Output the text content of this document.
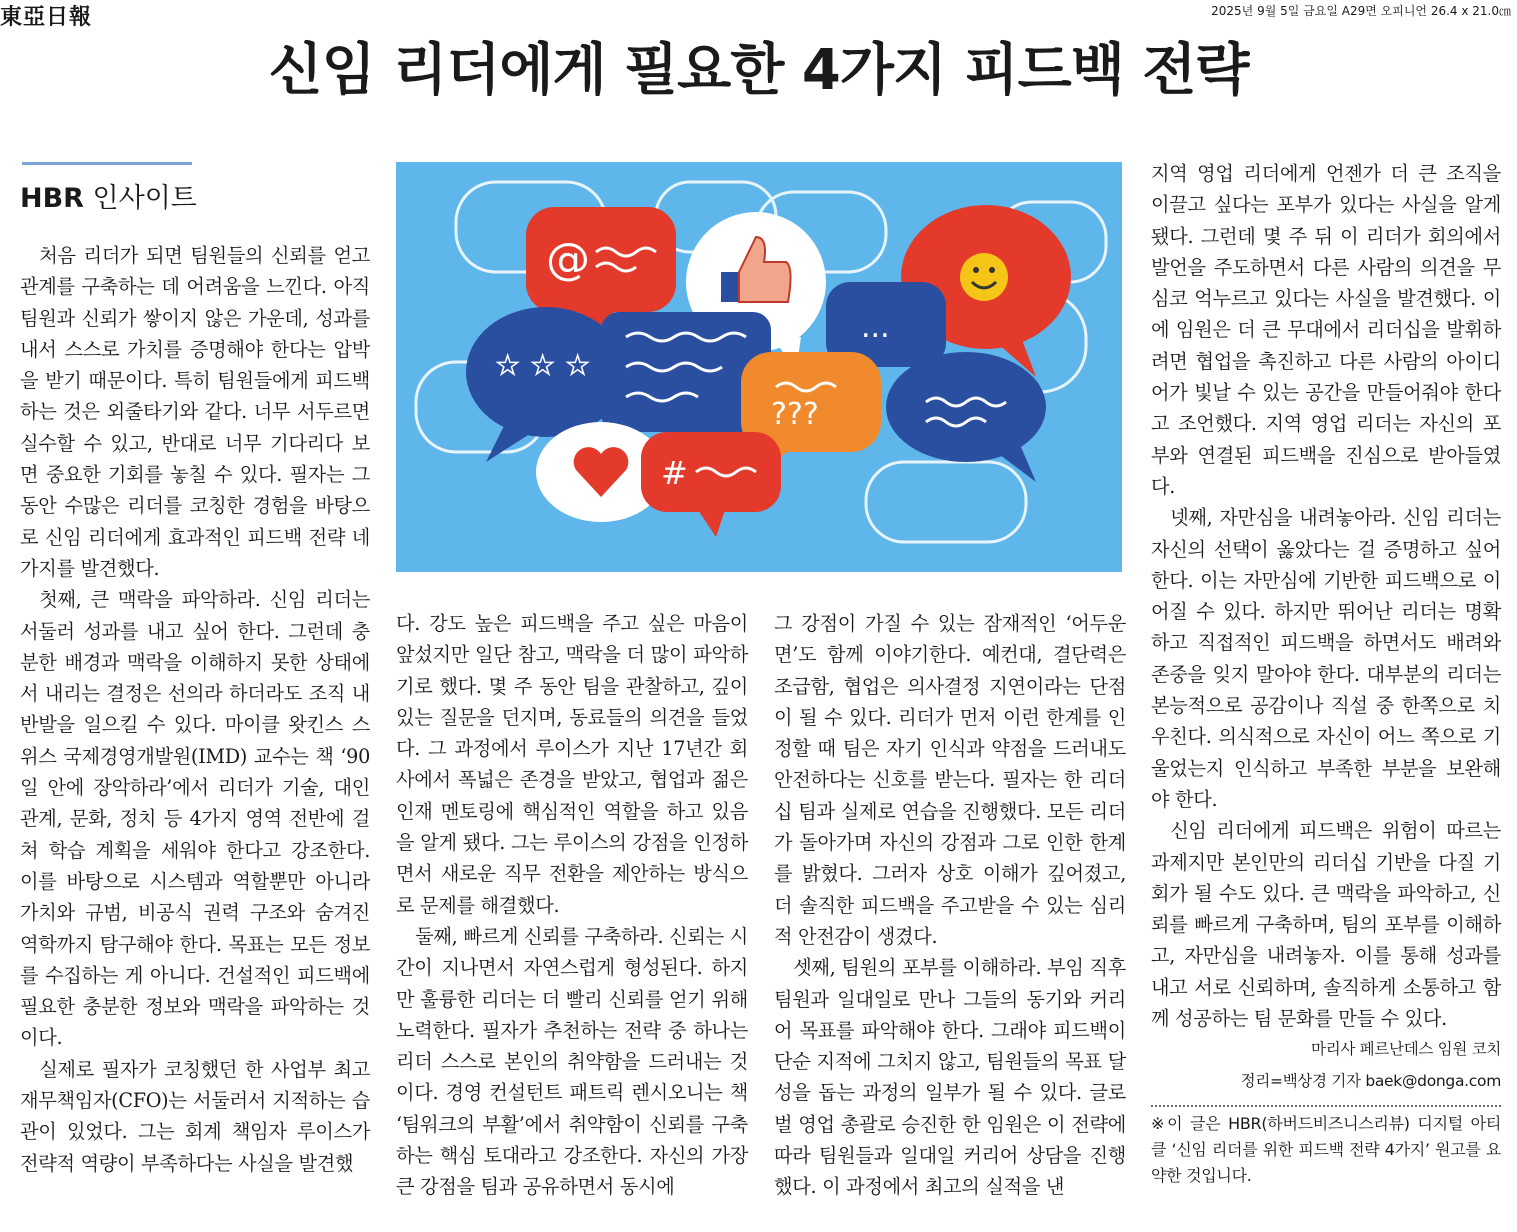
東亞日報	2025년 9월 5일 금요일 A29면 오피니언 26.4 x 21.0㎝
신임 리더에게 필요한 4가지 피드백 전략
HBR 인사이트

처음 리더가 되면 팀원들의 신뢰를 얻고 관계를 구축하는 데 어려움을 느낀다. 아직 팀원과 신뢰가 쌓이지 않은 가운데, 성과를 내서 스스로 가치를 증명해야 한다는 압박을 받기 때문이다. 특히 팀원들에게 피드백하는 것은 외줄타기와 같다. 너무 서두르면 실수할 수 있고, 반대로 너무 기다리다 보면 중요한 기회를 놓칠 수 있다. 필자는 그동안 수많은 리더를 코칭한 경험을 바탕으로 신임 리더에게 효과적인 피드백 전략 네 가지를 발견했다.

첫째, 큰 맥락을 파악하라. 신임 리더는 서둘러 성과를 내고 싶어 한다. 그런데 충분한 배경과 맥락을 이해하지 못한 상태에서 내리는 결정은 선의라 하더라도 조직 내 반발을 일으킬 수 있다. 마이클 왓킨스 스위스 국제경영개발원(IMD) 교수는 책 ‘90일 안에 장악하라’에서 리더가 기술, 대인 관계, 문화, 정치 등 4가지 영역 전반에 걸쳐 학습 계획을 세워야 한다고 강조한다. 이를 바탕으로 시스템과 역할뿐만 아니라 가치와 규범, 비공식 권력 구조와 숨겨진 역학까지 탐구해야 한다. 목표는 모든 정보를 수집하는 게 아니다. 건설적인 피드백에 필요한 충분한 정보와 맥락을 파악하는 것이다.

실제로 필자가 코칭했던 한 사업부 최고재무책임자(CFO)는 서둘러서 지적하는 습관이 있었다. 그는 회계 책임자 루이스가 전략적 역량이 부족하다는 사실을 발견했

@
★ ★ ★
...
???
#

다. 강도 높은 피드백을 주고 싶은 마음이 앞섰지만 일단 참고, 맥락을 더 많이 파악하기로 했다. 몇 주 동안 팀을 관찰하고, 깊이 있는 질문을 던지며, 동료들의 의견을 들었다. 그 과정에서 루이스가 지난 17년간 회사에서 폭넓은 존경을 받았고, 협업과 젊은 인재 멘토링에 핵심적인 역할을 하고 있음을 알게 됐다. 그는 루이스의 강점을 인정하면서 새로운 직무 전환을 제안하는 방식으로 문제를 해결했다.

둘째, 빠르게 신뢰를 구축하라. 신뢰는 시간이 지나면서 자연스럽게 형성된다. 하지만 훌륭한 리더는 더 빨리 신뢰를 얻기 위해 노력한다. 필자가 추천하는 전략 중 하나는 리더 스스로 본인의 취약함을 드러내는 것이다. 경영 컨설턴트 패트릭 렌시오니는 책 ‘팀워크의 부활’에서 취약함이 신뢰를 구축하는 핵심 토대라고 강조한다. 자신의 가장 큰 강점을 팀과 공유하면서 동시에

그 강점이 가질 수 있는 잠재적인 ‘어두운 면’도 함께 이야기한다. 예컨대, 결단력은 조급함, 협업은 의사결정 지연이라는 단점이 될 수 있다. 리더가 먼저 이런 한계를 인정할 때 팀은 자기 인식과 약점을 드러내도 안전하다는 신호를 받는다. 필자는 한 리더십 팀과 실제로 연습을 진행했다. 모든 리더가 돌아가며 자신의 강점과 그로 인한 한계를 밝혔다. 그러자 상호 이해가 깊어졌고, 더 솔직한 피드백을 주고받을 수 있는 심리적 안전감이 생겼다.

셋째, 팀원의 포부를 이해하라. 부임 직후 팀원과 일대일로 만나 그들의 동기와 커리어 목표를 파악해야 한다. 그래야 피드백이 단순 지적에 그치지 않고, 팀원들의 목표 달성을 돕는 과정의 일부가 될 수 있다. 글로벌 영업 총괄로 승진한 한 임원은 이 전략에 따라 팀원들과 일대일 커리어 상담을 진행했다. 이 과정에서 최고의 실적을 낸

지역 영업 리더에게 언젠가 더 큰 조직을 이끌고 싶다는 포부가 있다는 사실을 알게 됐다. 그런데 몇 주 뒤 이 리더가 회의에서 발언을 주도하면서 다른 사람의 의견을 무심코 억누르고 있다는 사실을 발견했다. 이에 임원은 더 큰 무대에서 리더십을 발휘하려면 협업을 촉진하고 다른 사람의 아이디어가 빛날 수 있는 공간을 만들어줘야 한다고 조언했다. 지역 영업 리더는 자신의 포부와 연결된 피드백을 진심으로 받아들였다.

넷째, 자만심을 내려놓아라. 신임 리더는 자신의 선택이 옳았다는 걸 증명하고 싶어 한다. 이는 자만심에 기반한 피드백으로 이어질 수 있다. 하지만 뛰어난 리더는 명확하고 직접적인 피드백을 하면서도 배려와 존중을 잊지 말아야 한다. 대부분의 리더는 본능적으로 공감이나 직설 중 한쪽으로 치우친다. 의식적으로 자신이 어느 쪽으로 기울었는지 인식하고 부족한 부분을 보완해야 한다.

신임 리더에게 피드백은 위험이 따르는 과제지만 본인만의 리더십 기반을 다질 기회가 될 수도 있다. 큰 맥락을 파악하고, 신뢰를 빠르게 구축하며, 팀의 포부를 이해하고, 자만심을 내려놓자. 이를 통해 성과를 내고 서로 신뢰하며, 솔직하게 소통하고 함께 성공하는 팀 문화를 만들 수 있다.

마리사 페르난데스 임원 코치
정리=백상경 기자 baek@donga.com

※이 글은 HBR(하버드비즈니스리뷰) 디지털 아티클 ‘신임 리더를 위한 피드백 전략 4가지’ 원고를 요약한 것입니다.
